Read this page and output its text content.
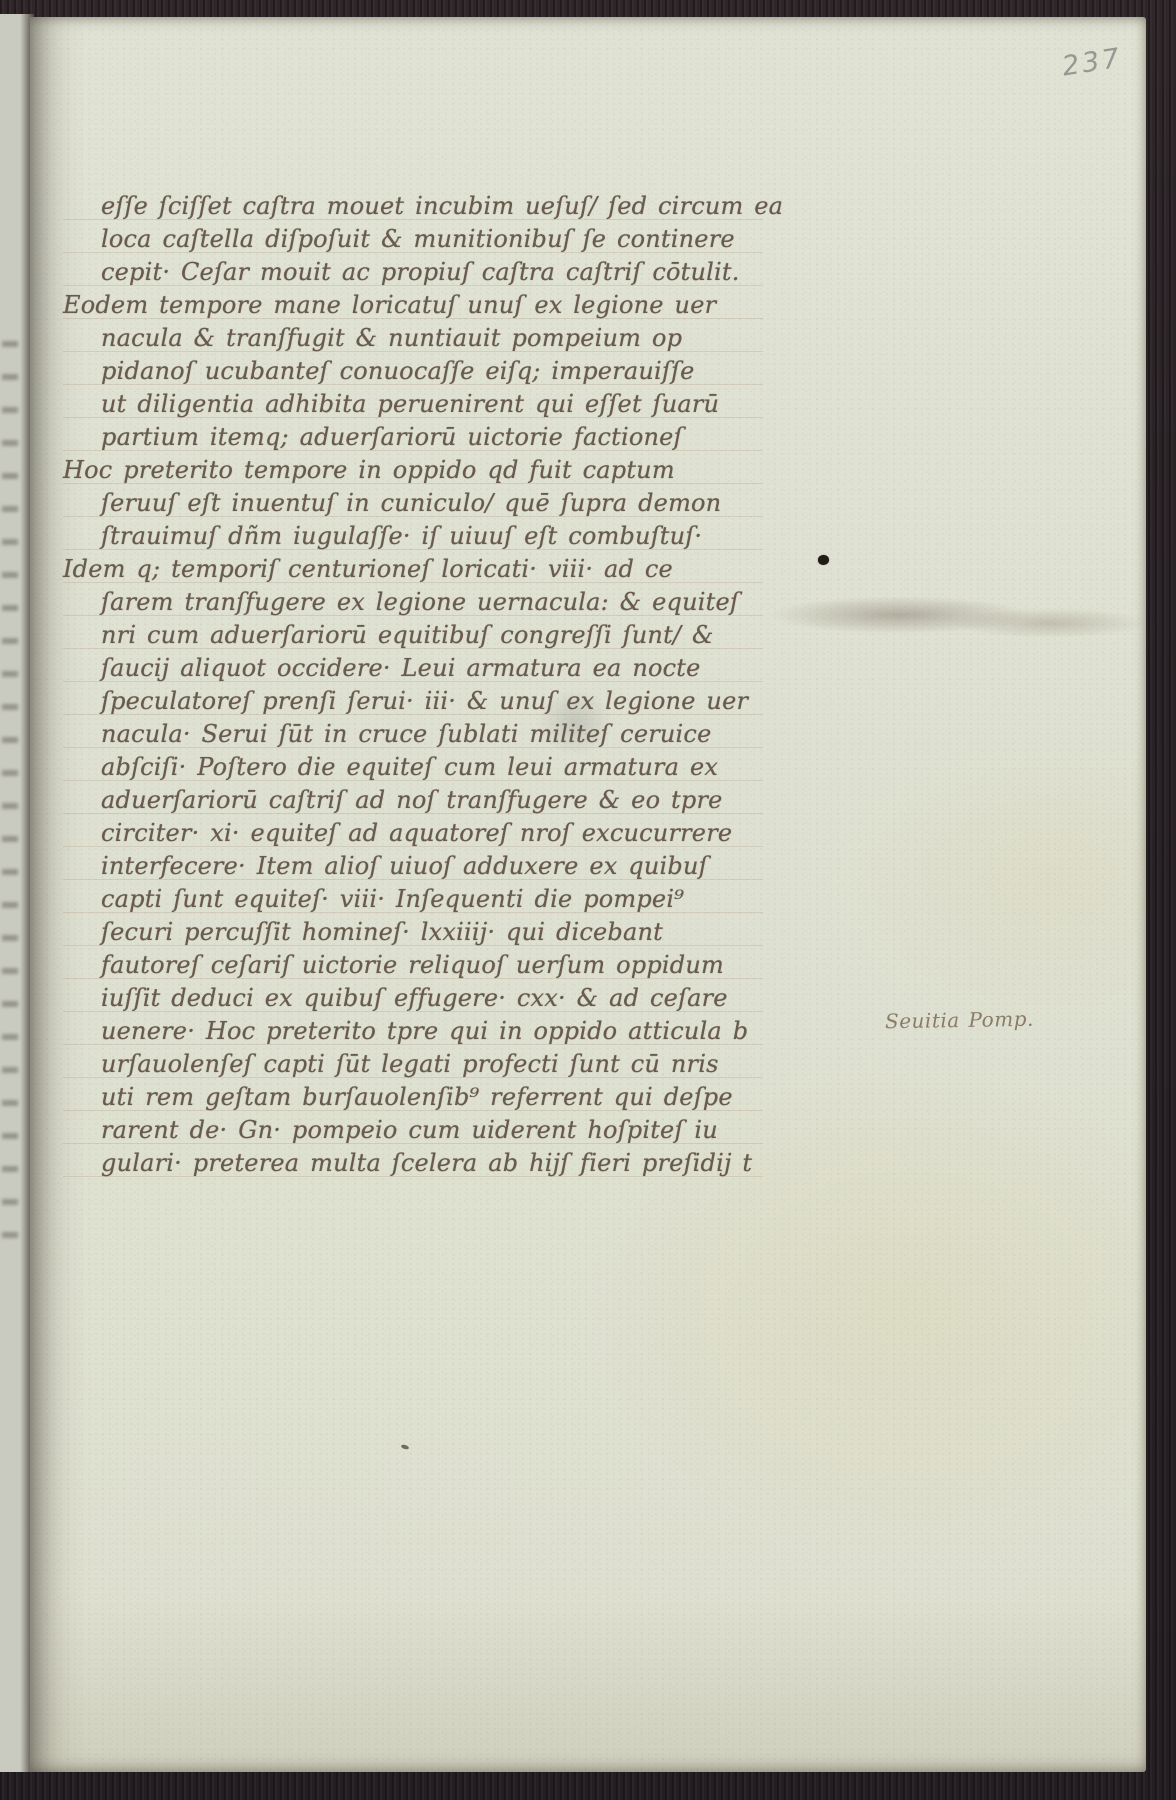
237
eſſe ſciſſet caſtra mouet incubim ueſuſ/ ſed circum ea
loca caſtella diſpoſuit & munitionibuſ ſe continere
cepit· Ceſar mouit ac propiuſ caſtra caſtriſ cōtulit.
Eodem tempore mane loricatuſ unuſ ex legione uer
nacula & tranſfugit & nuntiauit pompeium op
pidanoſ ucubanteſ conuocaſſe eiſq; imperauiſſe
ut diligentia adhibita peruenirent qui eſſet ſuarū
partium itemq; aduerſariorū uictorie factioneſ
Hoc preterito tempore in oppido qd fuit captum
ſeruuſ eſt inuentuſ in cuniculo/ quē ſupra demon
ſtrauimuſ dñm iugulaſſe· iſ uiuuſ eſt combuſtuſ·
Idem q; temporiſ centurioneſ loricati· viii· ad ce
ſarem tranſfugere ex legione uernacula: & equiteſ
nri cum aduerſariorū equitibuſ congreſſi ſunt/ &
ſaucij aliquot occidere· Leui armatura ea nocte
ſpeculatoreſ prenſi ſerui· iii· & unuſ ex legione uer
nacula· Serui ſūt in cruce ſublati militeſ ceruice
abſciſi· Poſtero die equiteſ cum leui armatura ex
aduerſariorū caſtriſ ad noſ tranſfugere & eo tpre
circiter· xi· equiteſ ad aquatoreſ nroſ excucurrere
interfecere· Item alioſ uiuoſ adduxere ex quibuſ
capti ſunt equiteſ· viii· Inſequenti die pompei⁹
ſecuri percuſſit homineſ· lxxiiij· qui dicebant
fautoreſ ceſariſ uictorie reliquoſ uerſum oppidum
iuſſit deduci ex quibuſ effugere· cxx· & ad ceſare
uenere· Hoc preterito tpre qui in oppido atticula b
urſauolenſeſ capti ſūt legati profecti ſunt cū nris
uti rem geſtam burſauolenſib⁹ referrent qui deſpe
rarent de· Gn· pompeio cum uiderent hoſpiteſ iu
gulari· preterea multa ſcelera ab hijſ fieri preſidij t
Seuitia Pomp.
